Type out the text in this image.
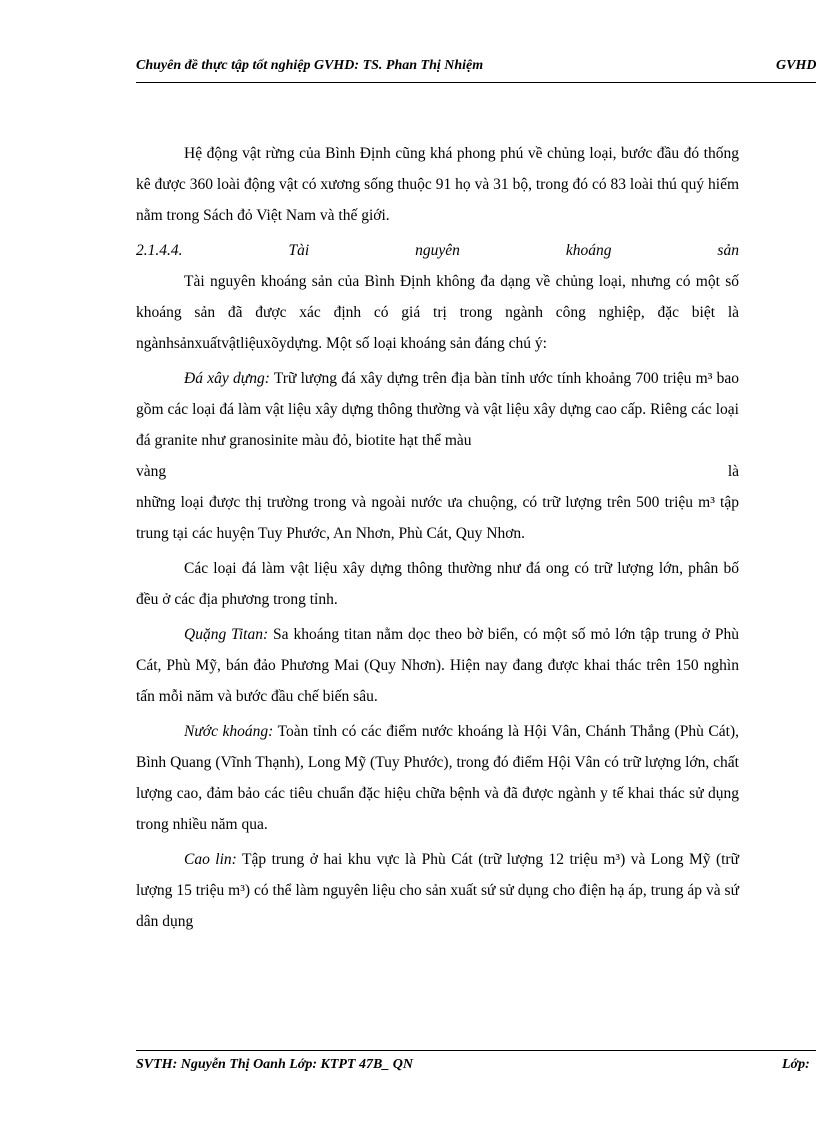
Chuyên đề thực tập tốt nghiệp GVHD: TS. Phan Thị Nhiệm	GVHD

Hệ động vật rừng của Bình Định cũng khá phong phú về chủng loại, bước đầu đó thống kê được 360 loài động vật có xương sống thuộc 91 họ và 31 bộ, trong đó có 83 loài thú quý hiếm nằm trong Sách đỏ Việt Nam và thế giới.

2.1.4.4.	Tài	nguyên	khoáng	sản

Tài nguyên khoáng sản của Bình Định không đa dạng về chủng loại, nhưng có một số khoáng sản đã được xác định có giá trị trong ngành công nghiệp, đặc biệt là ngànhsảnxuấtvậtliệuxõydựng. Một số loại khoáng sản đáng chú ý:

Đá xây dựng: Trữ lượng đá xây dựng trên địa bàn tỉnh ước tính khoảng 700 triệu m³ bao gồm các loại đá làm vật liệu xây dựng thông thường và vật liệu xây dựng cao cấp. Riêng các loại đá granite như granosinite màu đỏ, biotite hạt thể màu

vàng	là

những loại được thị trường trong và ngoài nước ưa chuộng, có trữ lượng trên 500 triệu m³ tập trung tại các huyện Tuy Phước, An Nhơn, Phù Cát, Quy Nhơn.

Các loại đá làm vật liệu xây dựng thông thường như đá ong có trữ lượng lớn, phân bố đều ở các địa phương trong tỉnh.

Quặng Titan: Sa khoáng titan nằm dọc theo bờ biển, có một số mỏ lớn tập trung ở Phù Cát, Phù Mỹ, bán đảo Phương Mai (Quy Nhơn). Hiện nay đang được khai thác trên 150 nghìn tấn mỗi năm và bước đầu chế biến sâu.

Nước khoáng: Toàn tỉnh có các điểm nước khoáng là Hội Vân, Chánh Thắng (Phù Cát), Bình Quang (Vĩnh Thạnh), Long Mỹ (Tuy Phước), trong đó điểm Hội Vân có trữ lượng lớn, chất lượng cao, đảm bảo các tiêu chuẩn đặc hiệu chữa bệnh và đã được ngành y tế khai thác sử dụng trong nhiều năm qua.

Cao lin: Tập trung ở hai khu vực là Phù Cát (trữ lượng 12 triệu m³) và Long Mỹ (trữ lượng 15 triệu m³) có thể làm nguyên liệu cho sản xuất sứ sử dụng cho điện hạ áp, trung áp và sứ dân dụng

SVTH: Nguyễn Thị Oanh Lớp: KTPT 47B_ QN	Lớp:
